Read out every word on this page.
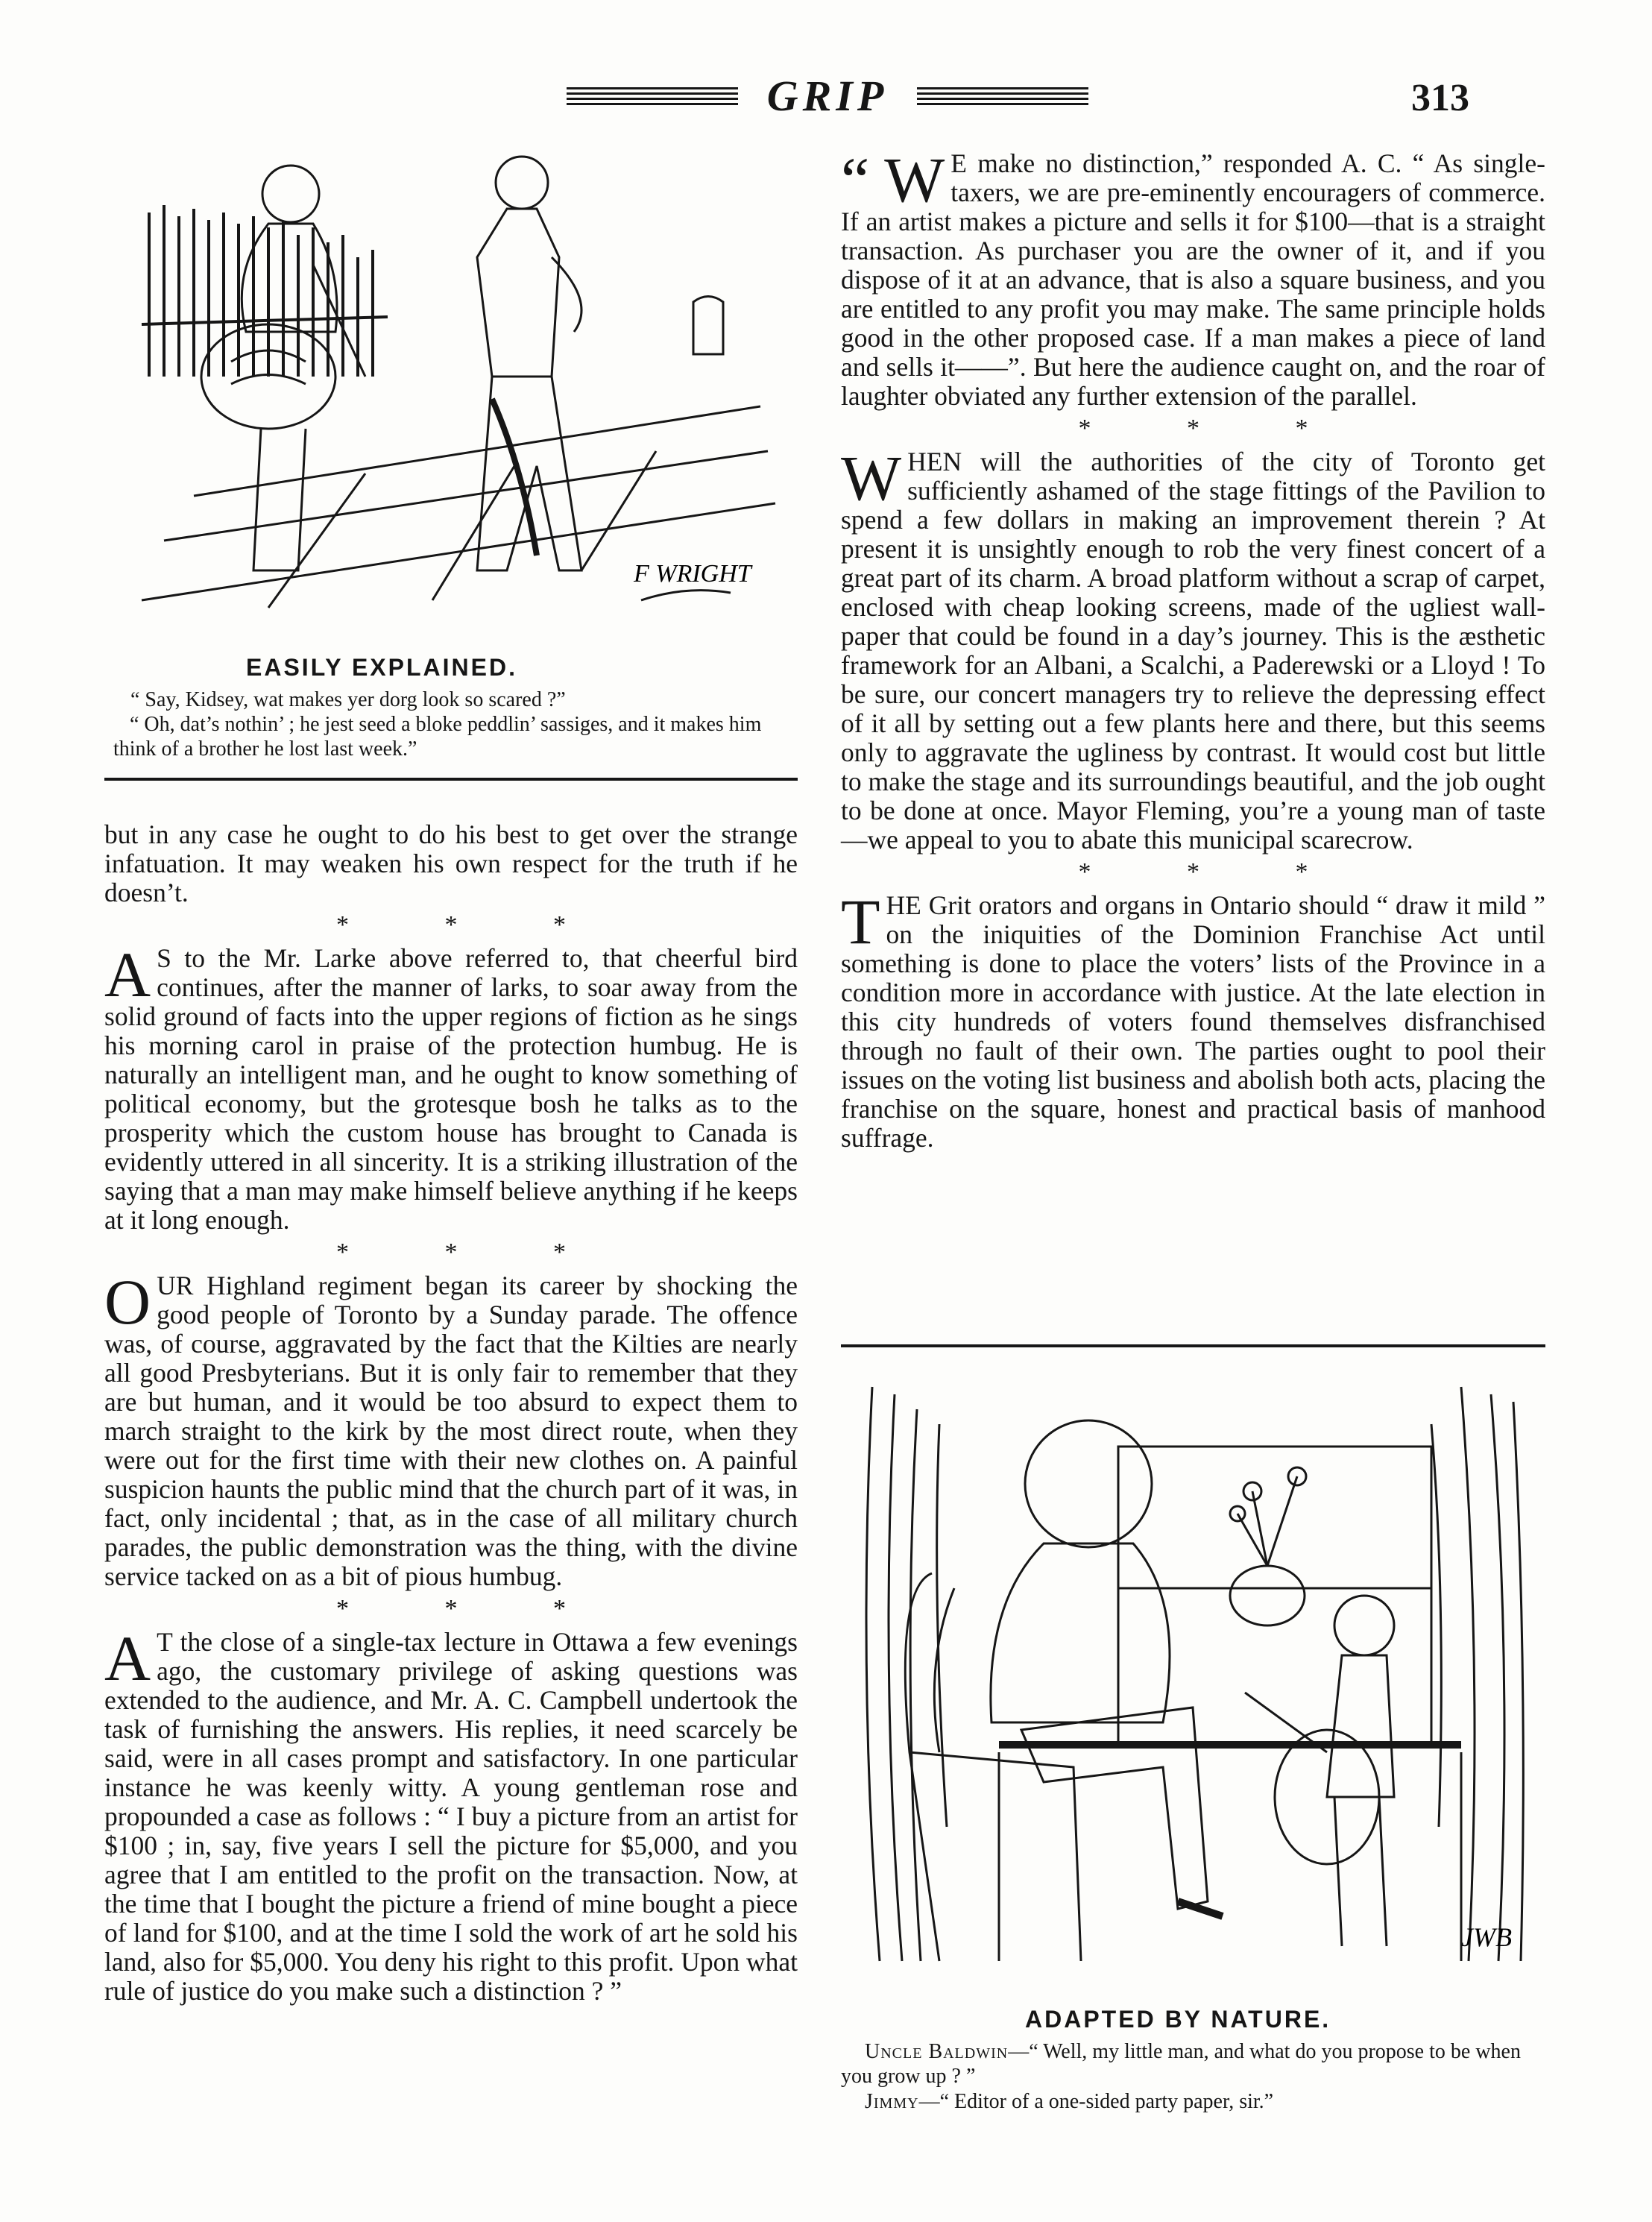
GRIP	313
F WRIGHT
EASILY EXPLAINED.
“ Say, Kidsey, wat makes yer dorg look so scared ?”
“ Oh, dat’s nothin’ ; he jest seed a bloke peddlin’ sassiges, and it makes him think of a brother he lost last week.”

but in any case he ought to do his best to get over the strange infatuation. It may weaken his own respect for the truth if he doesn’t.

* * *

A S to the Mr. Larke above referred to, that cheerful bird continues, after the manner of larks, to soar away from the solid ground of facts into the upper regions of fiction as he sings his morning carol in praise of the protection humbug. He is naturally an intelligent man, and he ought to know something of political economy, but the grotesque bosh he talks as to the prosperity which the custom house has brought to Canada is evidently uttered in all sincerity. It is a striking illustration of the saying that a man may make himself believe anything if he keeps at it long enough.

* * *

O UR Highland regiment began its career by shocking the good people of Toronto by a Sunday parade. The offence was, of course, aggravated by the fact that the Kilties are nearly all good Presbyterians. But it is only fair to remember that they are but human, and it would be too absurd to expect them to march straight to the kirk by the most direct route, when they were out for the first time with their new clothes on. A painful suspicion haunts the public mind that the church part of it was, in fact, only incidental ; that, as in the case of all military church parades, the public demonstration was the thing, with the divine service tacked on as a bit of pious humbug.

* * *

A T the close of a single-tax lecture in Ottawa a few evenings ago, the customary privilege of asking questions was extended to the audience, and Mr. A. C. Campbell undertook the task of furnishing the answers. His replies, it need scarcely be said, were in all cases prompt and satisfactory. In one particular instance he was keenly witty. A young gentleman rose and propounded a case as follows : “ I buy a picture from an artist for $100 ; in, say, five years I sell the picture for $5,000, and you agree that I am entitled to the profit on the transaction. Now, at the time that I bought the picture a friend of mine bought a piece of land for $100, and at the time I sold the work of art he sold his land, also for $5,000. You deny his right to this profit. Upon what rule of justice do you make such a distinction ? ”

“ W E make no distinction,” responded A. C. “ As single-taxers, we are pre-eminently encouragers of commerce. If an artist makes a picture and sells it for $100—that is a straight transaction. As purchaser you are the owner of it, and if you dispose of it at an advance, that is also a square business, and you are entitled to any profit you may make. The same principle holds good in the other proposed case. If a man makes a piece of land and sells it——”. But here the audience caught on, and the roar of laughter obviated any further extension of the parallel.

* * *

W HEN will the authorities of the city of Toronto get sufficiently ashamed of the stage fittings of the Pavilion to spend a few dollars in making an improvement therein ? At present it is unsightly enough to rob the very finest concert of a great part of its charm. A broad platform without a scrap of carpet, enclosed with cheap looking screens, made of the ugliest wall-paper that could be found in a day’s journey. This is the æsthetic framework for an Albani, a Scalchi, a Paderewski or a Lloyd ! To be sure, our concert managers try to relieve the depressing effect of it all by setting out a few plants here and there, but this seems only to aggravate the ugliness by contrast. It would cost but little to make the stage and its surroundings beautiful, and the job ought to be done at once. Mayor Fleming, you’re a young man of taste—we appeal to you to abate this municipal scarecrow.

* * *

T HE Grit orators and organs in Ontario should “ draw it mild ” on the iniquities of the Dominion Franchise Act until something is done to place the voters’ lists of the Province in a condition more in accordance with justice. At the late election in this city hundreds of voters found themselves disfranchised through no fault of their own. The parties ought to pool their issues on the voting list business and abolish both acts, placing the franchise on the square, honest and practical basis of manhood suffrage.

JWB
ADAPTED BY NATURE.
Uncle Baldwin—“ Well, my little man, and what do you propose to be when you grow up ? ”
Jimmy—“ Editor of a one-sided party paper, sir.”
